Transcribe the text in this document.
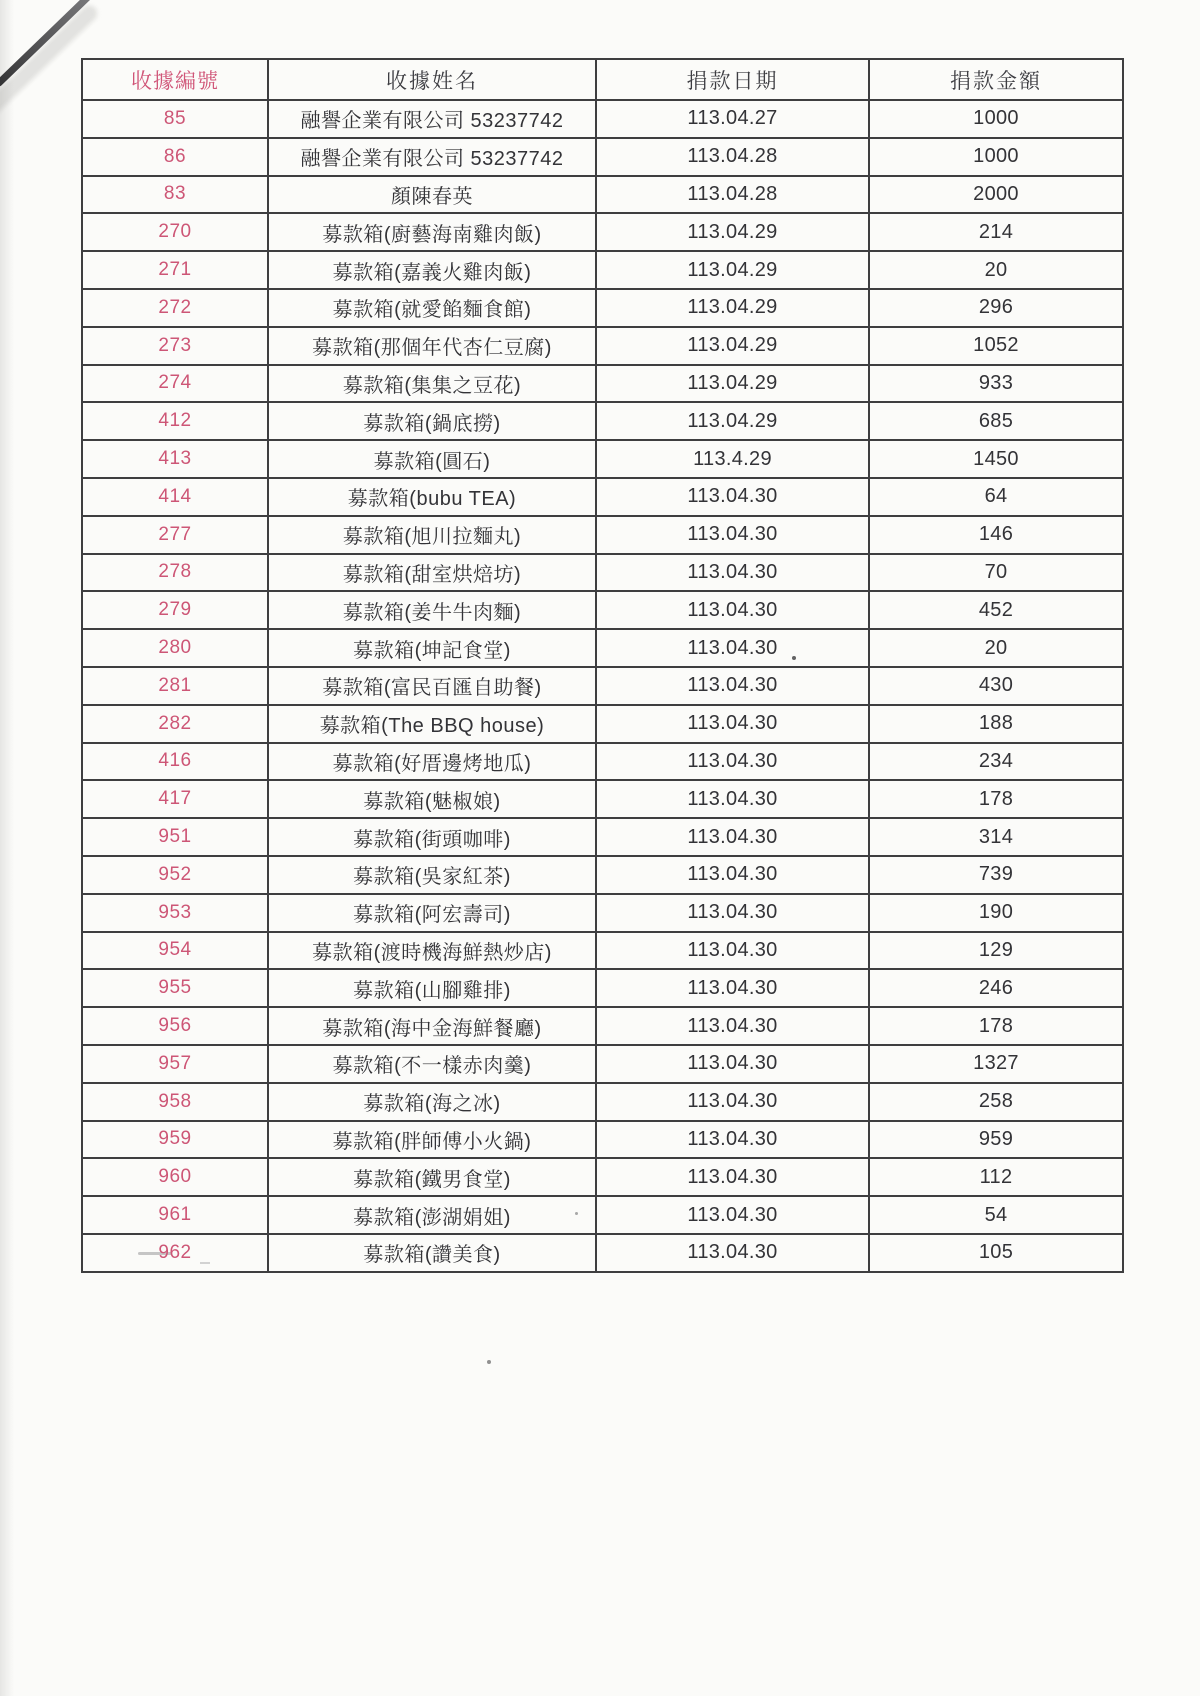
收據編號	收據姓名	捐款日期	捐款金額
85	融譽企業有限公司 53237742	113.04.27	1000
86	融譽企業有限公司 53237742	113.04.28	1000
83	顏陳春英	113.04.28	2000
270	募款箱(廚藝海南雞肉飯)	113.04.29	214
271	募款箱(嘉義火雞肉飯)	113.04.29	20
272	募款箱(就愛餡麵食館)	113.04.29	296
273	募款箱(那個年代杏仁豆腐)	113.04.29	1052
274	募款箱(集集之豆花)	113.04.29	933
412	募款箱(鍋底撈)	113.04.29	685
413	募款箱(圓石)	113.4.29	1450
414	募款箱(bubu TEA)	113.04.30	64
277	募款箱(旭川拉麵丸)	113.04.30	146
278	募款箱(甜室烘焙坊)	113.04.30	70
279	募款箱(姜牛牛肉麵)	113.04.30	452
280	募款箱(坤記食堂)	113.04.30	20
281	募款箱(富民百匯自助餐)	113.04.30	430
282	募款箱(The BBQ house)	113.04.30	188
416	募款箱(好厝邊烤地瓜)	113.04.30	234
417	募款箱(魅椒娘)	113.04.30	178
951	募款箱(街頭咖啡)	113.04.30	314
952	募款箱(吳家紅茶)	113.04.30	739
953	募款箱(阿宏壽司)	113.04.30	190
954	募款箱(渡時機海鮮熱炒店)	113.04.30	129
955	募款箱(山腳雞排)	113.04.30	246
956	募款箱(海中金海鮮餐廳)	113.04.30	178
957	募款箱(不一樣赤肉羹)	113.04.30	1327
958	募款箱(海之冰)	113.04.30	258
959	募款箱(胖師傅小火鍋)	113.04.30	959
960	募款箱(鐵男食堂)	113.04.30	112
961	募款箱(澎湖娟姐)	113.04.30	54
962	募款箱(讚美食)	113.04.30	105
